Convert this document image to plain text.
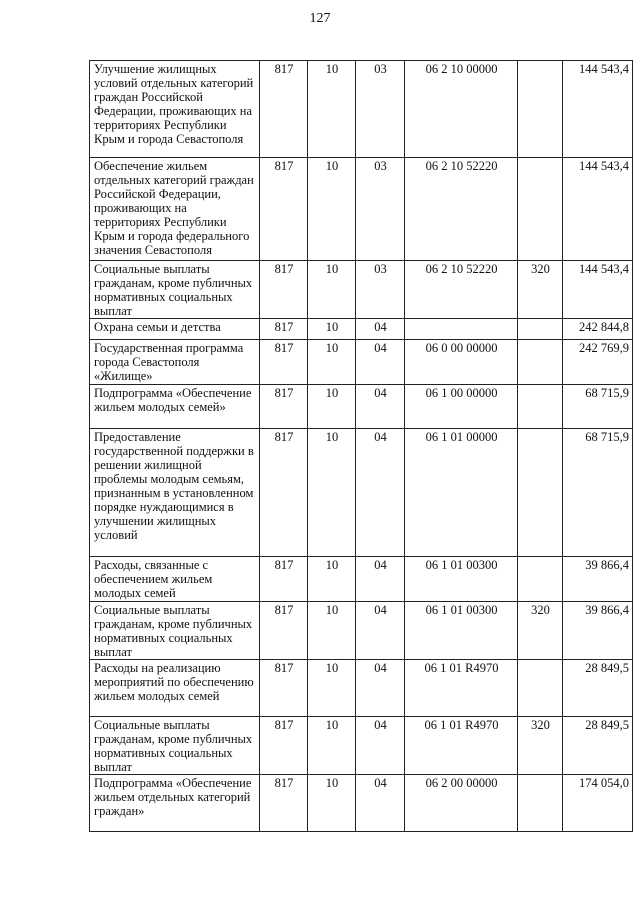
127
Улучшение жилищных условий отдельных категорий граждан Российской Федерации, проживающих на территориях Республики Крым и города Севастополя	817	10	03	06 2 10 00000		144 543,4
Обеспечение жильем отдельных категорий граждан Российской Федерации, проживающих на территориях Республики Крым и города федерального значения Севастополя	817	10	03	06 2 10 52220		144 543,4
Социальные выплаты гражданам, кроме публичных нормативных социальных выплат	817	10	03	06 2 10 52220	320	144 543,4
Охрана семьи и детства	817	10	04			242 844,8
Государственная программа города Севастополя «Жилище»	817	10	04	06 0 00 00000		242 769,9
Подпрограмма «Обеспечение жильем молодых семей»	817	10	04	06 1 00 00000		68 715,9
Предоставление государственной поддержки в решении жилищной проблемы молодым семьям, признанным в установленном порядке нуждающимися в улучшении жилищных условий	817	10	04	06 1 01 00000		68 715,9
Расходы, связанные с обеспечением жильем молодых семей	817	10	04	06 1 01 00300		39 866,4
Социальные выплаты гражданам, кроме публичных нормативных социальных выплат	817	10	04	06 1 01 00300	320	39 866,4
Расходы на реализацию мероприятий по обеспечению жильем молодых семей	817	10	04	06 1 01 R4970		28 849,5
Социальные выплаты гражданам, кроме публичных нормативных социальных выплат	817	10	04	06 1 01 R4970	320	28 849,5
Подпрограмма «Обеспечение жильем отдельных категорий граждан»	817	10	04	06 2 00 00000		174 054,0
